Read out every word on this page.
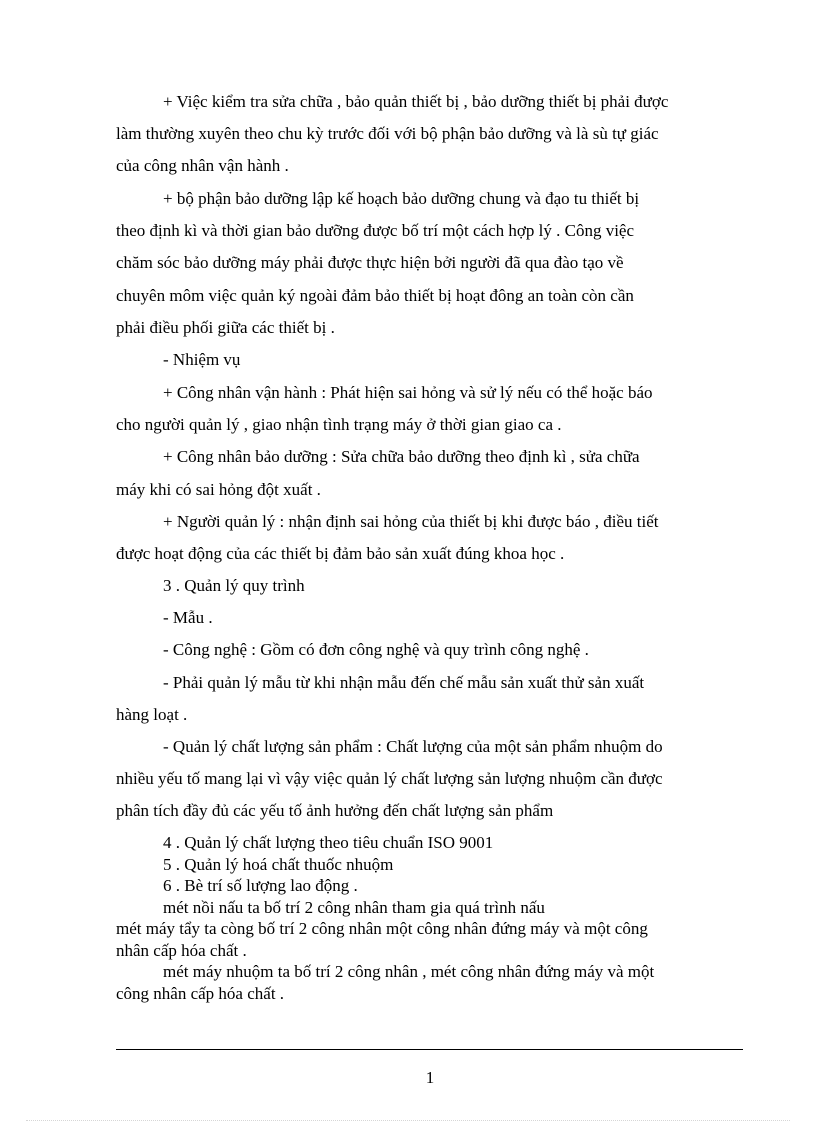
+ Việc kiểm tra sửa chữa , bảo quản thiết bị , bảo dưỡng thiết bị phải được
làm thường xuyên theo chu kỳ trước đối với bộ phận bảo dưỡng và là sù tự giác
của công nhân vận hành .
+ bộ phận bảo dưỡng lập kế hoạch bảo dưỡng chung và đạo tu thiết bị
theo định kì và thời gian bảo dưỡng được bố trí một cách hợp lý . Công việc
chăm sóc bảo dưỡng máy phải được thực hiện bởi người đã qua đào tạo về
chuyên môm việc quản ký ngoài đảm bảo thiết bị hoạt đông an toàn còn cần
phải điều phối giữa các thiết bị .
- Nhiệm vụ
+ Công nhân vận hành : Phát hiện sai hỏng và sử lý nếu có thể hoặc báo
cho người quản lý , giao nhận tình trạng máy ở thời gian giao ca .
+ Công nhân bảo dưỡng : Sửa chữa bảo dưỡng theo định kì , sửa chữa
máy khi có sai hỏng đột xuất .
+ Người quản lý : nhận định sai hỏng của thiết bị khi được báo , điều tiết
được hoạt động của các thiết bị đảm bảo sản xuất đúng khoa học .
3 . Quản lý quy trình
- Mẫu .
- Công nghệ : Gồm có đơn công nghệ và quy trình công nghệ .
- Phải quản lý mẫu từ khi nhận mẫu đến chế mẫu sản xuất thử sản xuất
hàng loạt .
- Quản lý chất lượng sản phẩm : Chất lượng của một sản phẩm nhuộm do
nhiều yếu tố mang lại vì vậy việc quản lý chất lượng sản lượng nhuộm cần được
phân tích đầy đủ các yếu tố ảnh hưởng đến chất lượng sản phẩm
4 . Quản lý chất lượng theo tiêu chuẩn ISO 9001
5 . Quản lý hoá chất thuốc nhuộm
6 . Bè trí số lượng lao động .
mét nồi nấu ta bố trí 2 công nhân tham gia quá trình nấu
mét máy tẩy ta còng bố trí 2 công nhân một công nhân đứng máy và một công
nhân cấp hóa chất .
mét máy nhuộm ta bố trí 2 công nhân , mét công nhân đứng máy và một
công nhân cấp hóa chất .
1
